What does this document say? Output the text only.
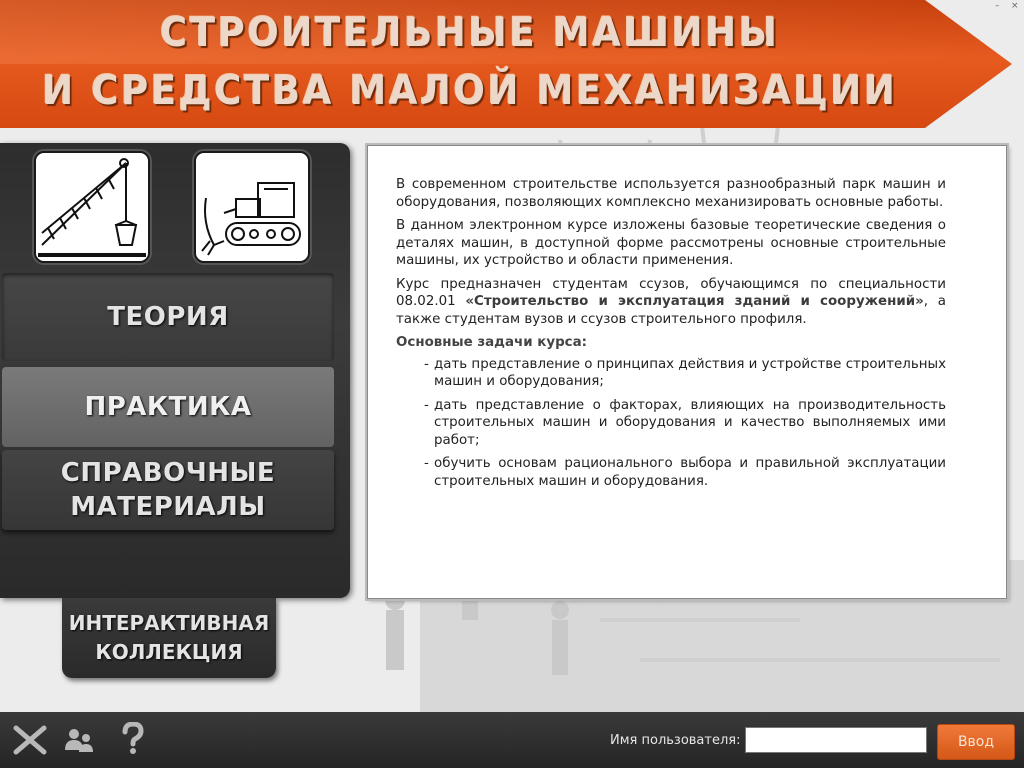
СТРОИТЕЛЬНЫЕ МАШИНЫ
И СРЕДСТВА МАЛОЙ МЕХАНИЗАЦИИ
– ×
ТЕОРИЯ
ПРАКТИКА
СПРАВОЧНЫЕ
МАТЕРИАЛЫ
ИНТЕРАКТИВНАЯ
КОЛЛЕКЦИЯ

В современном строительстве используется разнообразный парк машин и оборудования, позволяющих комплексно механизировать основные работы.

В данном электронном курсе изложены базовые теоретические сведения о деталях машин, в доступной форме рассмотрены основные строительные машины, их устройство и области применения.

Курс предназначен студентам ссузов, обучающимся по специальности 08.02.01 «Строительство и эксплуатация зданий и сооружений», а также студентам вузов и ссузов строительного профиля.

Основные задачи курса:
- дать представление о принципах действия и устройстве строительных машин и оборудования;
- дать представление о факторах, влияющих на производительность строительных машин и оборудования и качество выполняемых ими работ;
- обучить основам рационального выбора и правильной эксплуатации строительных машин и оборудования.
Имя пользователя:	Ввод
